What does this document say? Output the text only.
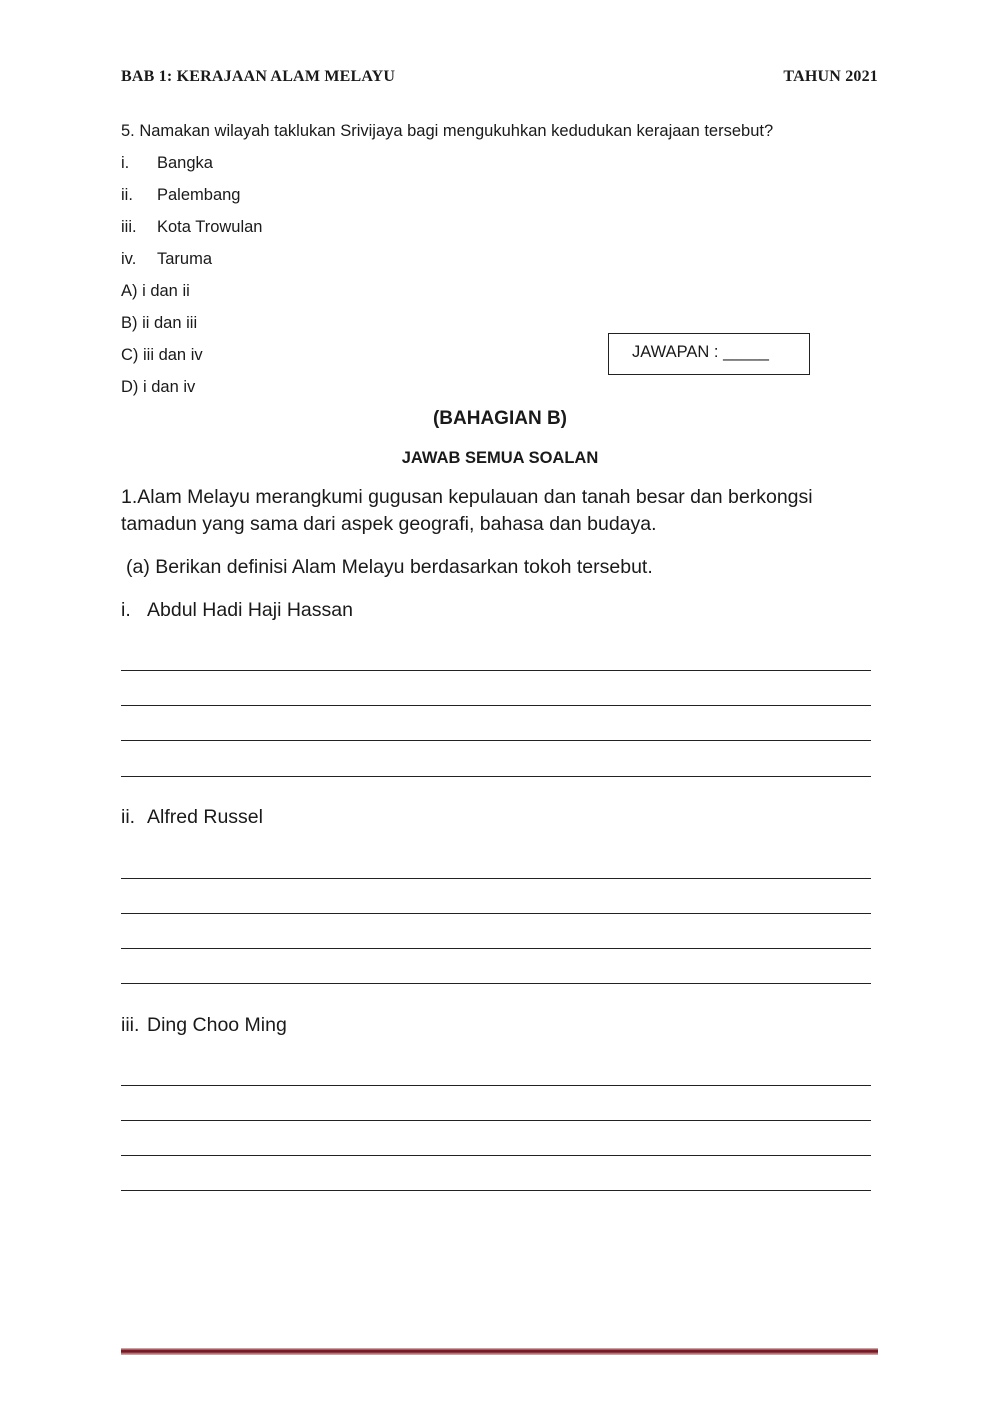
BAB 1: KERAJAAN ALAM MELAYU	TAHUN 2021
5. Namakan wilayah taklukan Srivijaya bagi mengukuhkan kedudukan kerajaan tersebut?
i. Bangka
ii. Palembang
iii. Kota Trowulan
iv. Taruma
A) i dan ii
B) ii dan iii
C) iii dan iv
D) i dan iv
JAWAPAN : _____
(BAHAGIAN B)
JAWAB SEMUA SOALAN
1.Alam Melayu merangkumi gugusan kepulauan dan tanah besar dan berkongsi
tamadun yang sama dari aspek geografi, bahasa dan budaya.
(a) Berikan definisi Alam Melayu berdasarkan tokoh tersebut.
i. Abdul Hadi Haji Hassan
ii. Alfred Russel
iii. Ding Choo Ming
